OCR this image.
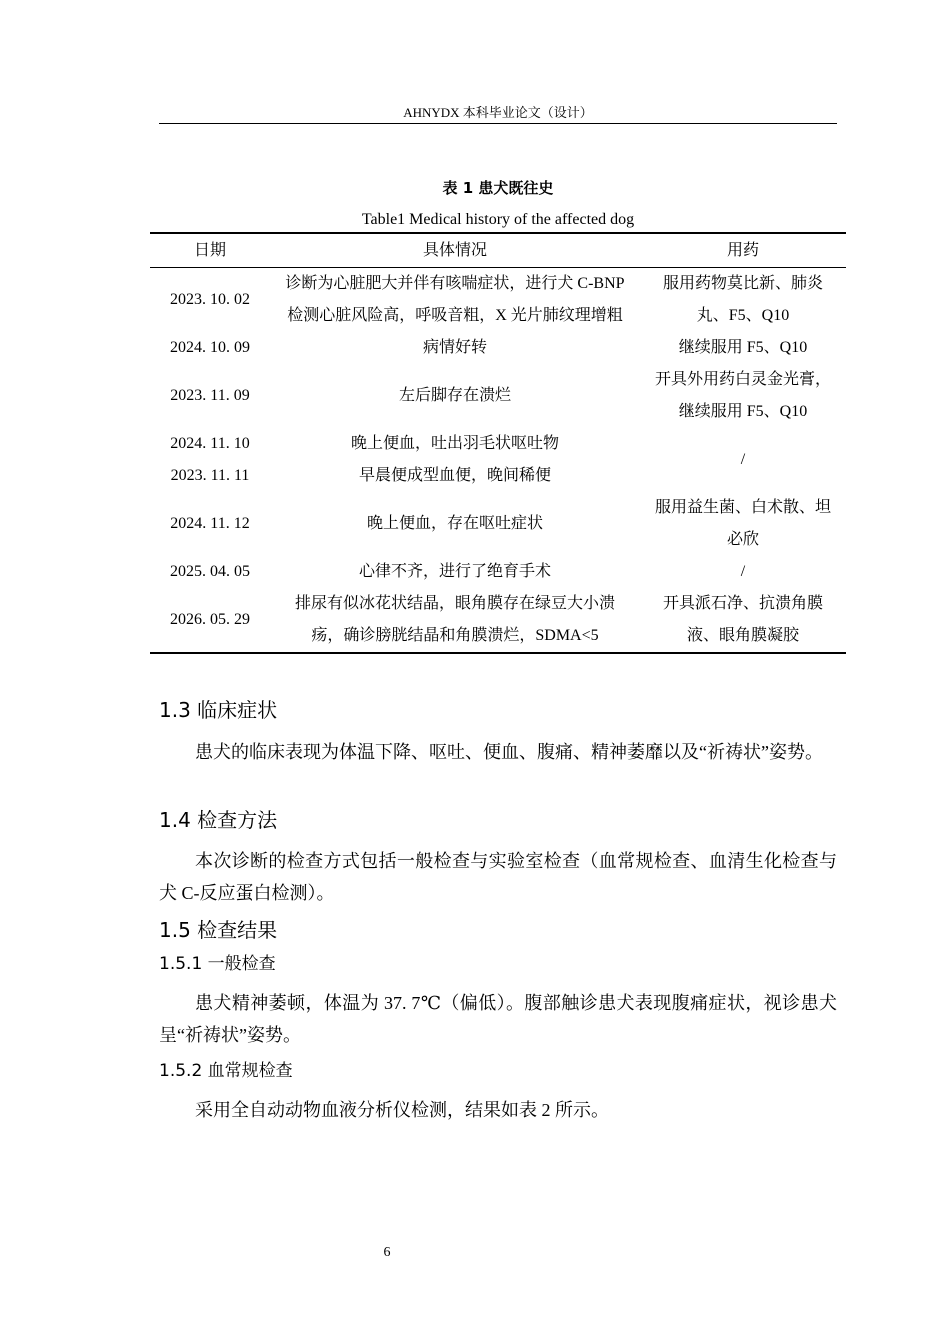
AHNYDX 本科毕业论文（设计）
表 1 患犬既往史
Table1 Medical history of the affected dog
日期	具体情况	用药
2023. 10. 02	诊断为心脏肥大并伴有咳喘症状，进行犬 C-BNP 检测心脏风险高，呼吸音粗，X 光片肺纹理增粗	服用药物莫比新、肺炎丸、F5、Q10
2024. 10. 09	病情好转	继续服用 F5、Q10
2023. 11. 09	左后脚存在溃烂	开具外用药白灵金光膏，继续服用 F5、Q10
2024. 11. 10	晚上便血，吐出羽毛状呕吐物	/
2023. 11. 11	早晨便成型血便，晚间稀便	
2024. 11. 12	晚上便血，存在呕吐症状	服用益生菌、白术散、坦必欣
2025. 04. 05	心律不齐，进行了绝育手术	/
2026. 05. 29	排尿有似冰花状结晶，眼角膜存在绿豆大小溃疡，确诊膀胱结晶和角膜溃烂，SDMA<5	开具派石净、抗溃角膜液、眼角膜凝胶
1.3 临床症状

患犬的临床表现为体温下降、呕吐、便血、腹痛、精神萎靡以及“祈祷状”姿势。

1.4 检查方法

本次诊断的检查方式包括一般检查与实验室检查（血常规检查、血清生化检查与犬 C-反应蛋白检测）。

1.5 检查结果
1.5.1 一般检查

患犬精神萎顿，体温为 37. 7℃（偏低）。腹部触诊患犬表现腹痛症状，视诊患犬呈“祈祷状”姿势。

1.5.2 血常规检查

采用全自动动物血液分析仪检测，结果如表 2 所示。

6
